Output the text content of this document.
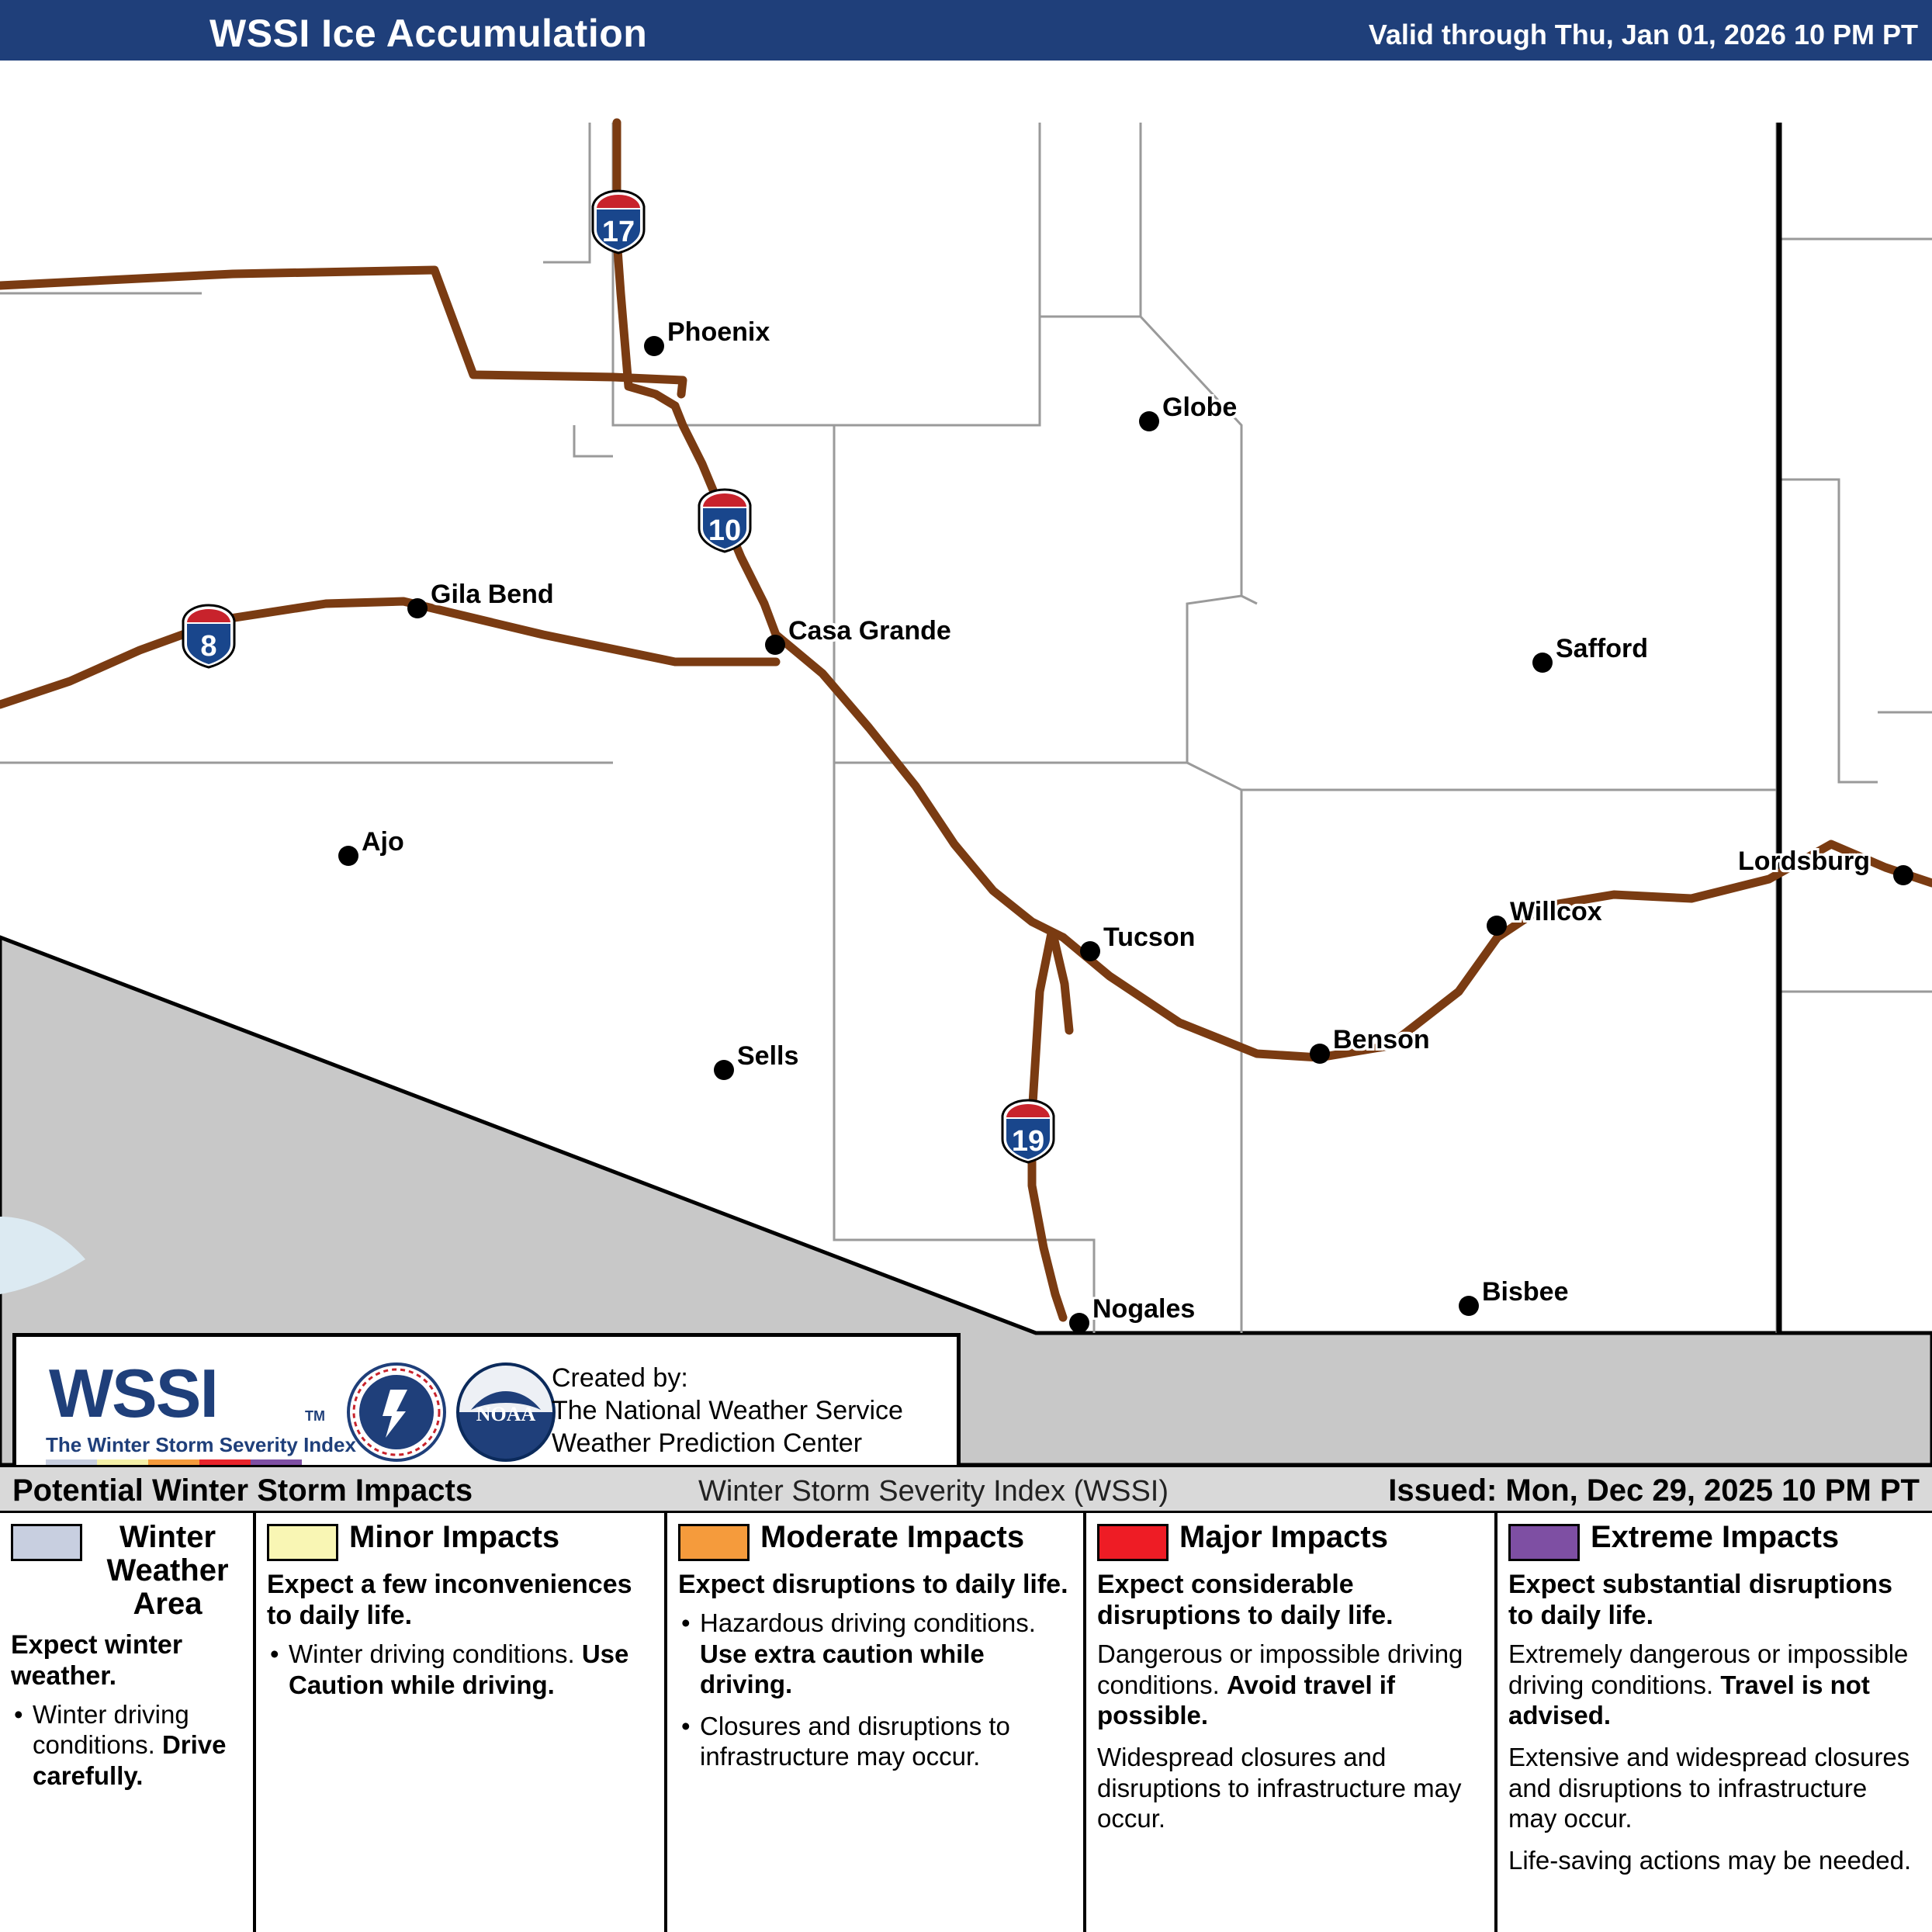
WSSI Ice Accumulation	Valid through Thu, Jan 01, 2026 10 PM PT
17
10
8
19
Phoenix
Globe
Gila Bend
Casa Grande
Safford
Ajo
Lordsburg
Willcox
Tucson
Benson
Sells
Bisbee
Nogales
WSSI	TM
The Winter Storm Severity Index
NOAA
Created by:
The National Weather Service
Weather Prediction Center
Potential Winter Storm Impacts	Winter Storm Severity Index (WSSI)	Issued: Mon, Dec 29, 2025 10 PM PT
Winter Weather Area
Expect winter weather.
• Winter driving conditions. Drive carefully.
Minor Impacts
Expect a few inconveniences to daily life.
• Winter driving conditions. Use Caution while driving.
Moderate Impacts
Expect disruptions to daily life.
• Hazardous driving conditions. Use extra caution while driving.
• Closures and disruptions to infrastructure may occur.
Major Impacts
Expect considerable disruptions to daily life.
Dangerous or impossible driving conditions. Avoid travel if possible.
Widespread closures and disruptions to infrastructure may occur.
Extreme Impacts
Expect substantial disruptions to daily life.
Extremely dangerous or impossible driving conditions. Travel is not advised.
Extensive and widespread closures and disruptions to infrastructure may occur.
Life-saving actions may be needed.
